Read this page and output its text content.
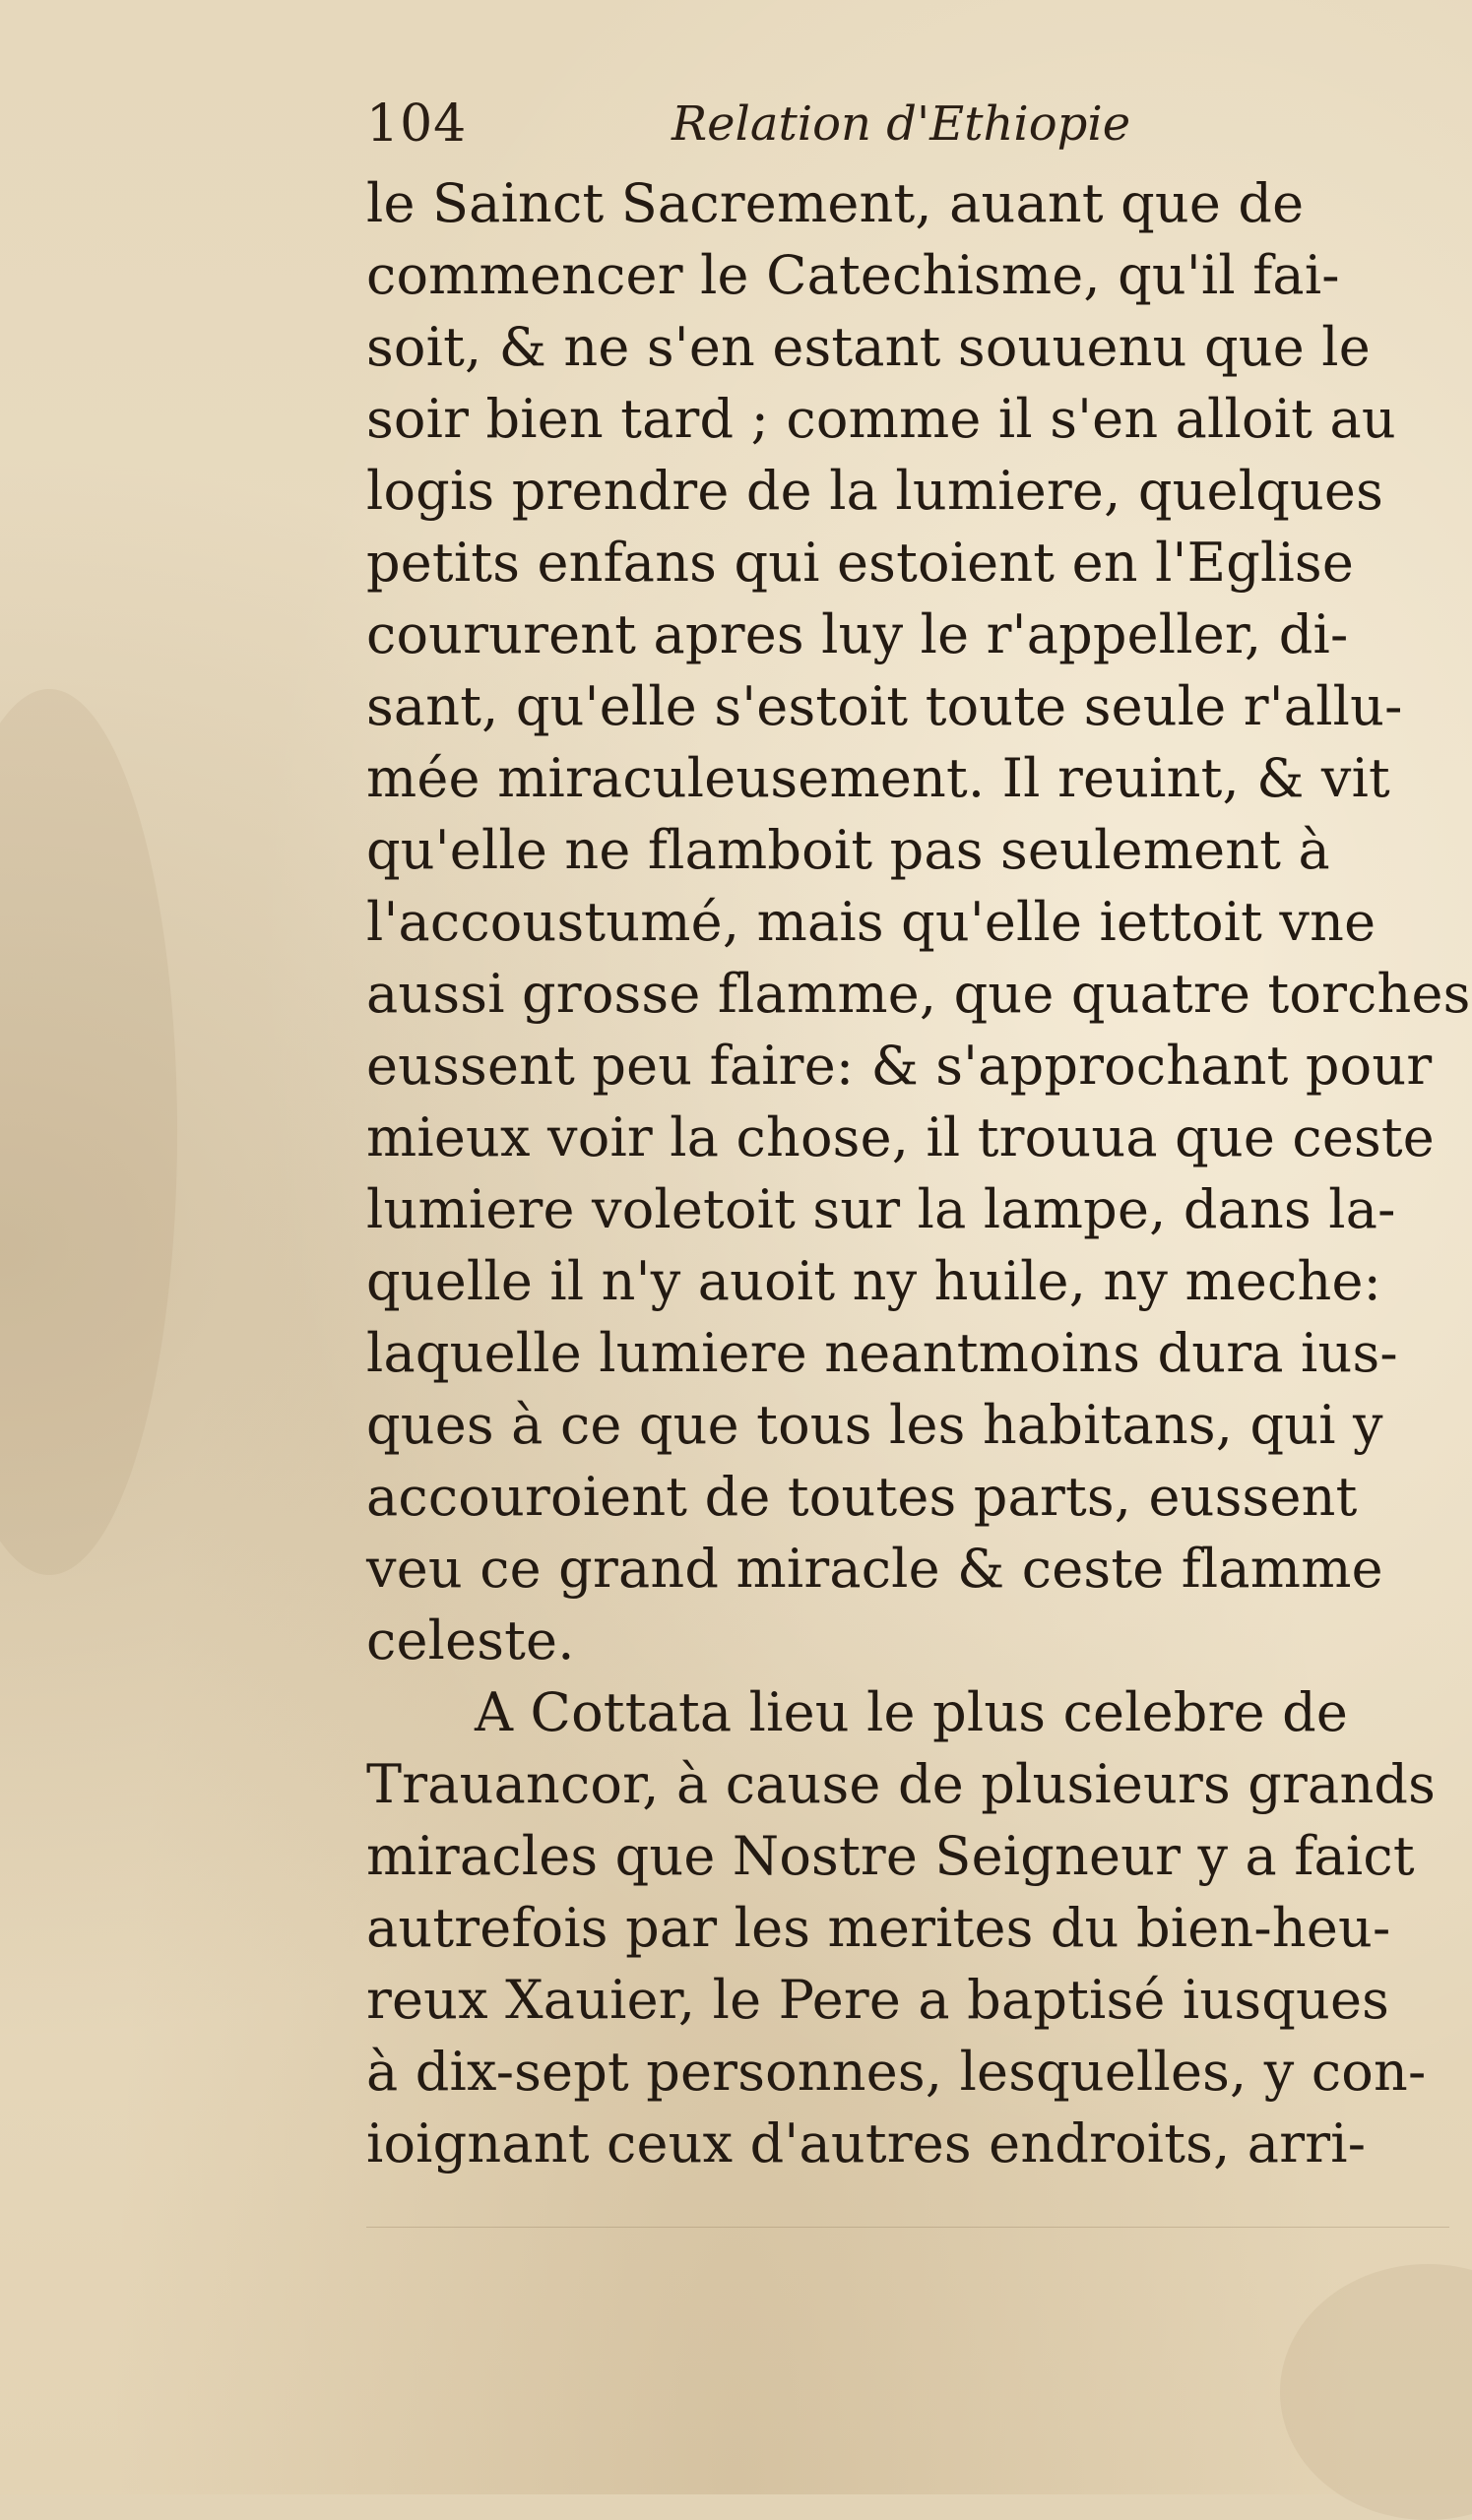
104	Relation d'Ethiopie
le Sainct Sacrement, auant que de
commencer le Catechisme, qu'il fai-
soit, & ne s'en estant souuenu que le
soir bien tard ; comme il s'en alloit au
logis prendre de la lumiere, quelques
petits enfans qui estoient en l'Eglise
coururent apres luy le r'appeller, di-
sant, qu'elle s'estoit toute seule r'allu-
mée miraculeusement. Il reuint, & vit
qu'elle ne flamboit pas seulement à
l'accoustumé, mais qu'elle iettoit vne
aussi grosse flamme, que quatre torches
eussent peu faire: & s'approchant pour
mieux voir la chose, il trouua que ceste
lumiere voletoit sur la lampe, dans la-
quelle il n'y auoit ny huile, ny meche:
laquelle lumiere neantmoins dura ius-
ques à ce que tous les habitans, qui y
accouroient de toutes parts, eussent
veu ce grand miracle & ceste flamme
celeste.
A Cottata lieu le plus celebre de
Trauancor, à cause de plusieurs grands
miracles que Nostre Seigneur y a faict
autrefois par les merites du bien-heu-
reux Xauier, le Pere a baptisé iusques
à dix-sept personnes, lesquelles, y con-
ioignant ceux d'autres endroits, arri-
